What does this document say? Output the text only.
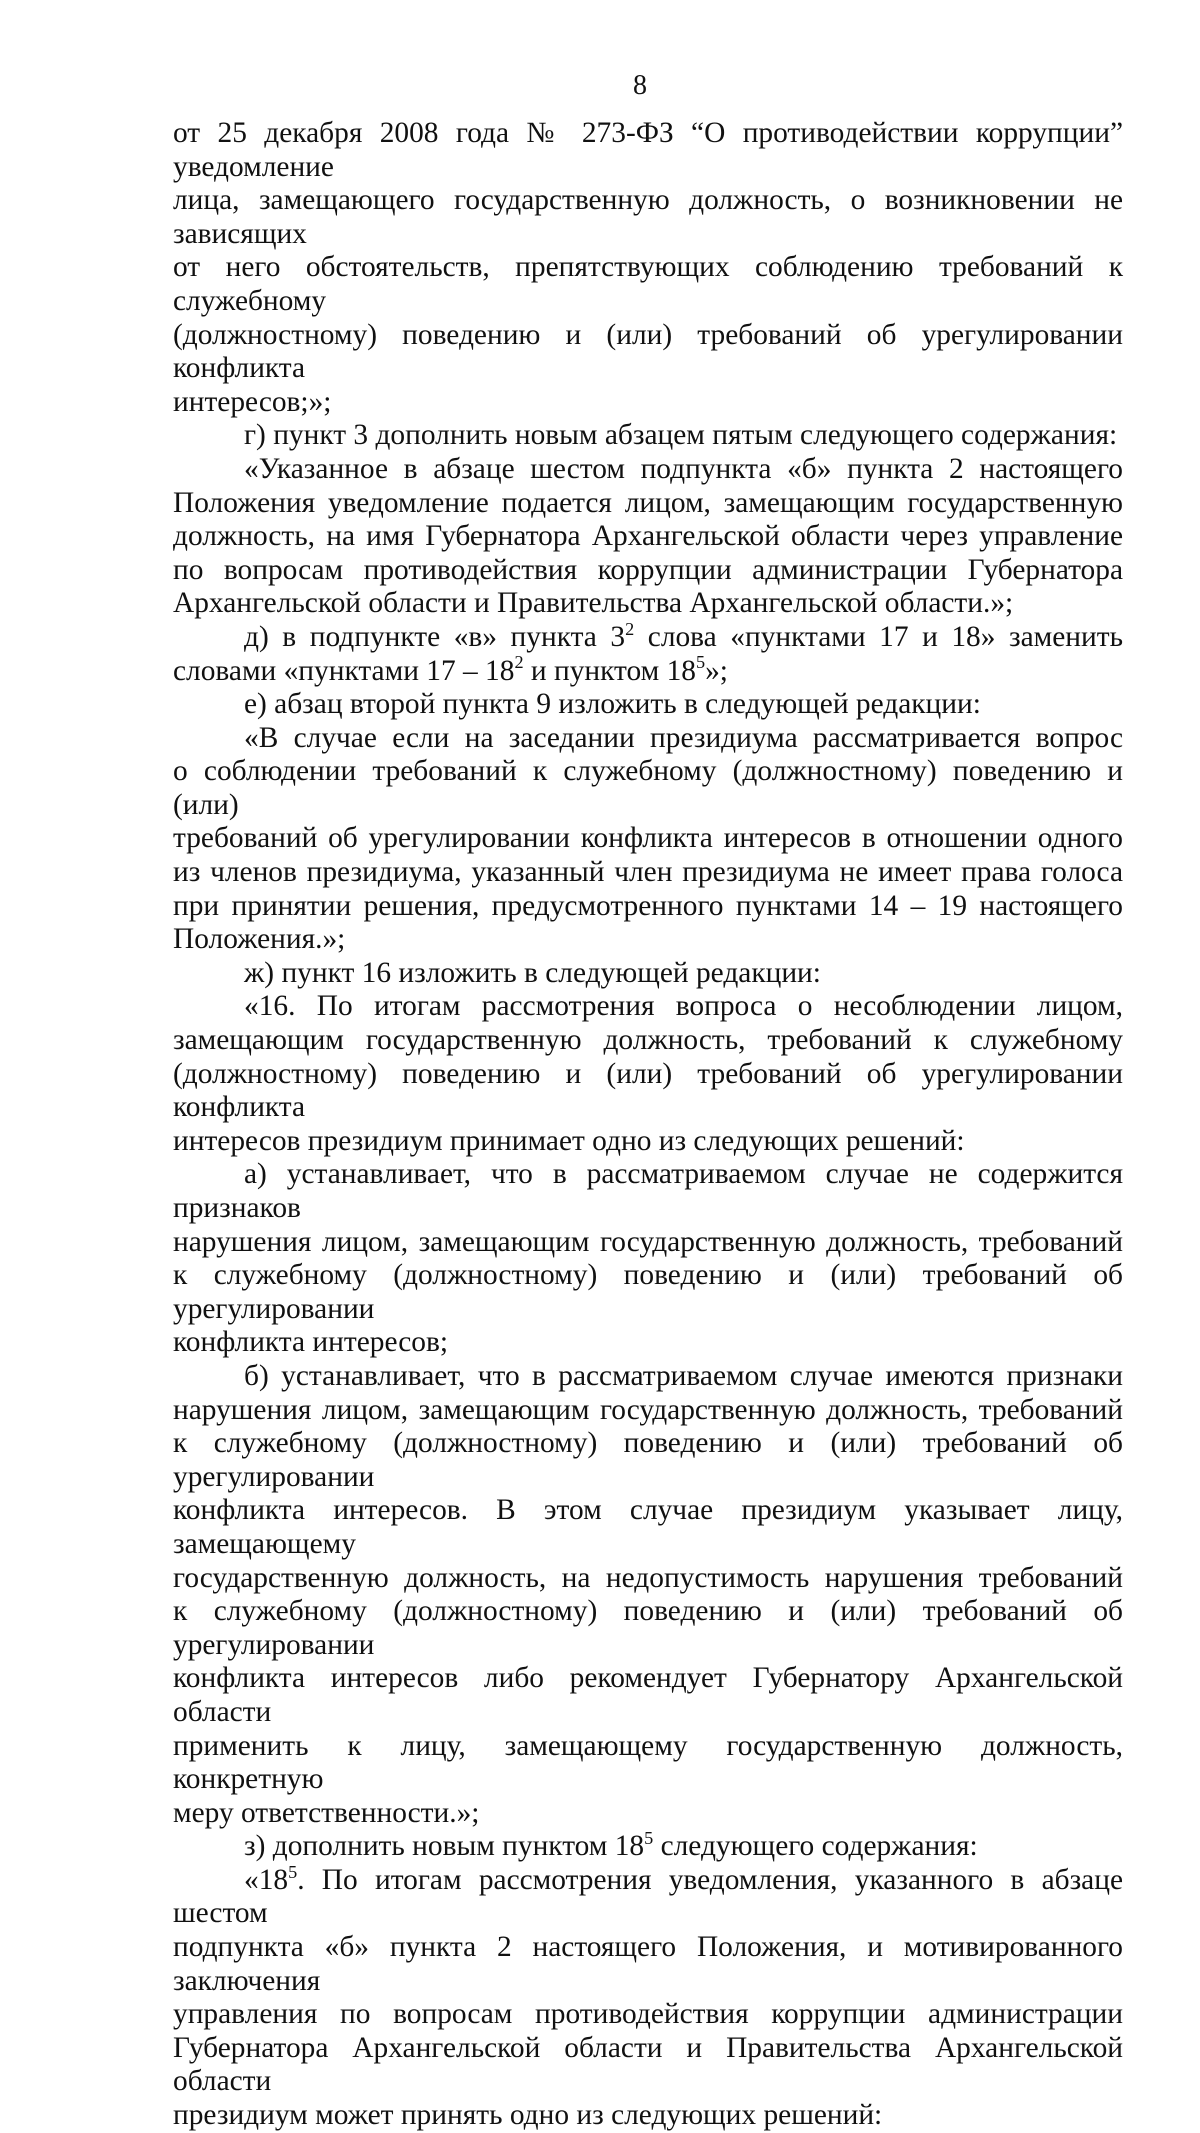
8
от 25 декабря 2008 года № 273-ФЗ “О противодействии коррупции” уведомление
лица, замещающего государственную должность, о возникновении не зависящих
от него обстоятельств, препятствующих соблюдению требований к служебному
(должностному) поведению и (или) требований об урегулировании конфликта
интересов;»;
г) пункт 3 дополнить новым абзацем пятым следующего содержания:
«Указанное в абзаце шестом подпункта «б» пункта 2 настоящего
Положения уведомление подается лицом, замещающим государственную
должность, на имя Губернатора Архангельской области через управление
по вопросам противодействия коррупции администрации Губернатора
Архангельской области и Правительства Архангельской области.»;
д) в подпункте «в» пункта $3^2$ слова «пунктами 17 и 18» заменить
словами «пунктами $17 - 18^2$ и пунктом $18^5$»;
е) абзац второй пункта 9 изложить в следующей редакции:
«В случае если на заседании президиума рассматривается вопрос
о соблюдении требований к служебному (должностному) поведению и (или)
требований об урегулировании конфликта интересов в отношении одного
из членов президиума, указанный член президиума не имеет права голоса
при принятии решения, предусмотренного пунктами 14 – 19 настоящего
Положения.»;
ж) пункт 16 изложить в следующей редакции:
«16. По итогам рассмотрения вопроса о несоблюдении лицом,
замещающим государственную должность, требований к служебному
(должностному) поведению и (или) требований об урегулировании конфликта
интересов президиум принимает одно из следующих решений:
а) устанавливает, что в рассматриваемом случае не содержится признаков
нарушения лицом, замещающим государственную должность, требований
к служебному (должностному) поведению и (или) требований об урегулировании
конфликта интересов;
б) устанавливает, что в рассматриваемом случае имеются признаки
нарушения лицом, замещающим государственную должность, требований
к служебному (должностному) поведению и (или) требований об урегулировании
конфликта интересов. В этом случае президиум указывает лицу, замещающему
государственную должность, на недопустимость нарушения требований
к служебному (должностному) поведению и (или) требований об урегулировании
конфликта интересов либо рекомендует Губернатору Архангельской области
применить к лицу, замещающему государственную должность, конкретную
меру ответственности.»;
з) дополнить новым пунктом $18^5$ следующего содержания:
«$18^5$. По итогам рассмотрения уведомления, указанного в абзаце шестом
подпункта «б» пункта 2 настоящего Положения, и мотивированного заключения
управления по вопросам противодействия коррупции администрации
Губернатора Архангельской области и Правительства Архангельской области
президиум может принять одно из следующих решений:
